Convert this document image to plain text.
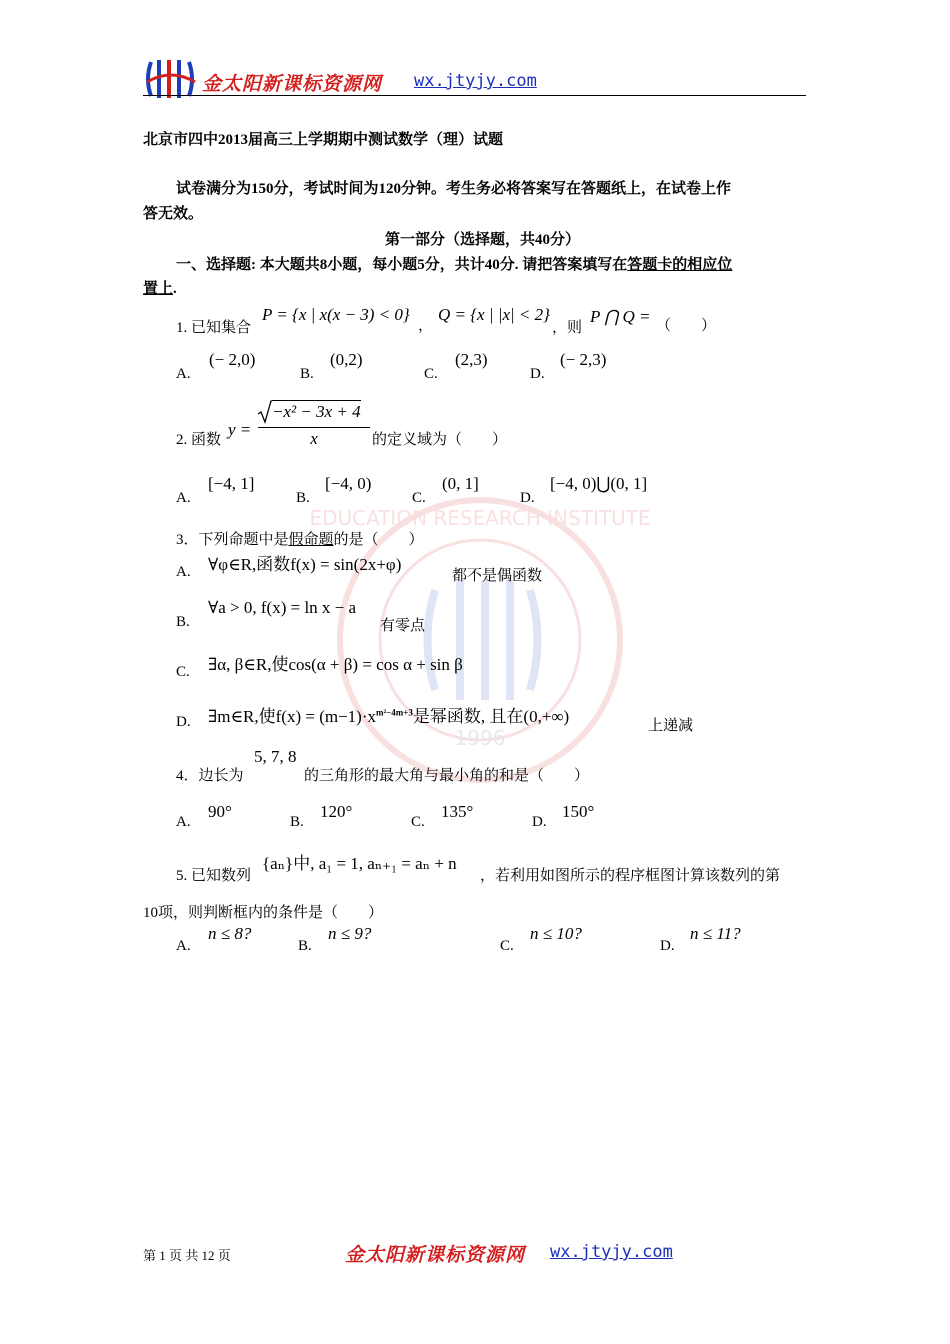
金太阳新课标资源网 wx.jtyjy.com
EDUCATION RESEARCH INSTITUTE
1996
北京市四中2013届高三上学期期中测试数学（理）试题
试卷满分为150分，考试时间为120分钟。考生务必将答案写在答题纸上，在试卷上作
答无效。
第一部分（选择题，共40分）
一、选择题: 本大题共8小题，每小题5分，共计40分. 请把答案填写在答题卡的相应位
置上.
1. 已知集合
P = {x | x(x − 3) < 0}
，
Q = {x | |x| < 2}
，则
P ⋂ Q = （　　）
A.
(− 2,0)
B.
(0,2)
C.
(2,3)
D.
(− 2,3)
2. 函数
y =
−x² − 3x + 4
x	的定义域为（　　）
A.
[−4, 1]
B.
[−4, 0)
C.
(0, 1]
D.
[−4, 0)⋃(0, 1]
3．下列命题中是假命题的是（　　）
A. ∀φ∈R,函数f(x) = sin(2x+φ)
都不是偶函数
B.
∀a > 0, f(x) = ln x − a
有零点
C. ∃α, β∈R,使cos(α + β) = cos α + sin β
D. ∃m∈R,使$f(x) = (m-1)\cdot x^{m^2-4m+3}$是幂函数, 且在(0,+∞)	上递减
4．边长为
5, 7, 8
的三角形的最大角与最小角的和是（　　）
A.
90°
B.
120°
C.
135°
D.
150°
5. 已知数列
{aₙ}中, a₁ = 1, aₙ₊₁ = aₙ + n
，若利用如图所示的程序框图计算该数列的第
10项，则判断框内的条件是（　　）
A.
n ≤ 8?
B.
n ≤ 9?
C.
n ≤ 10?
D.
n ≤ 11?
第 1 页 共 12 页	金太阳新课标资源网 wx.jtyjy.com
